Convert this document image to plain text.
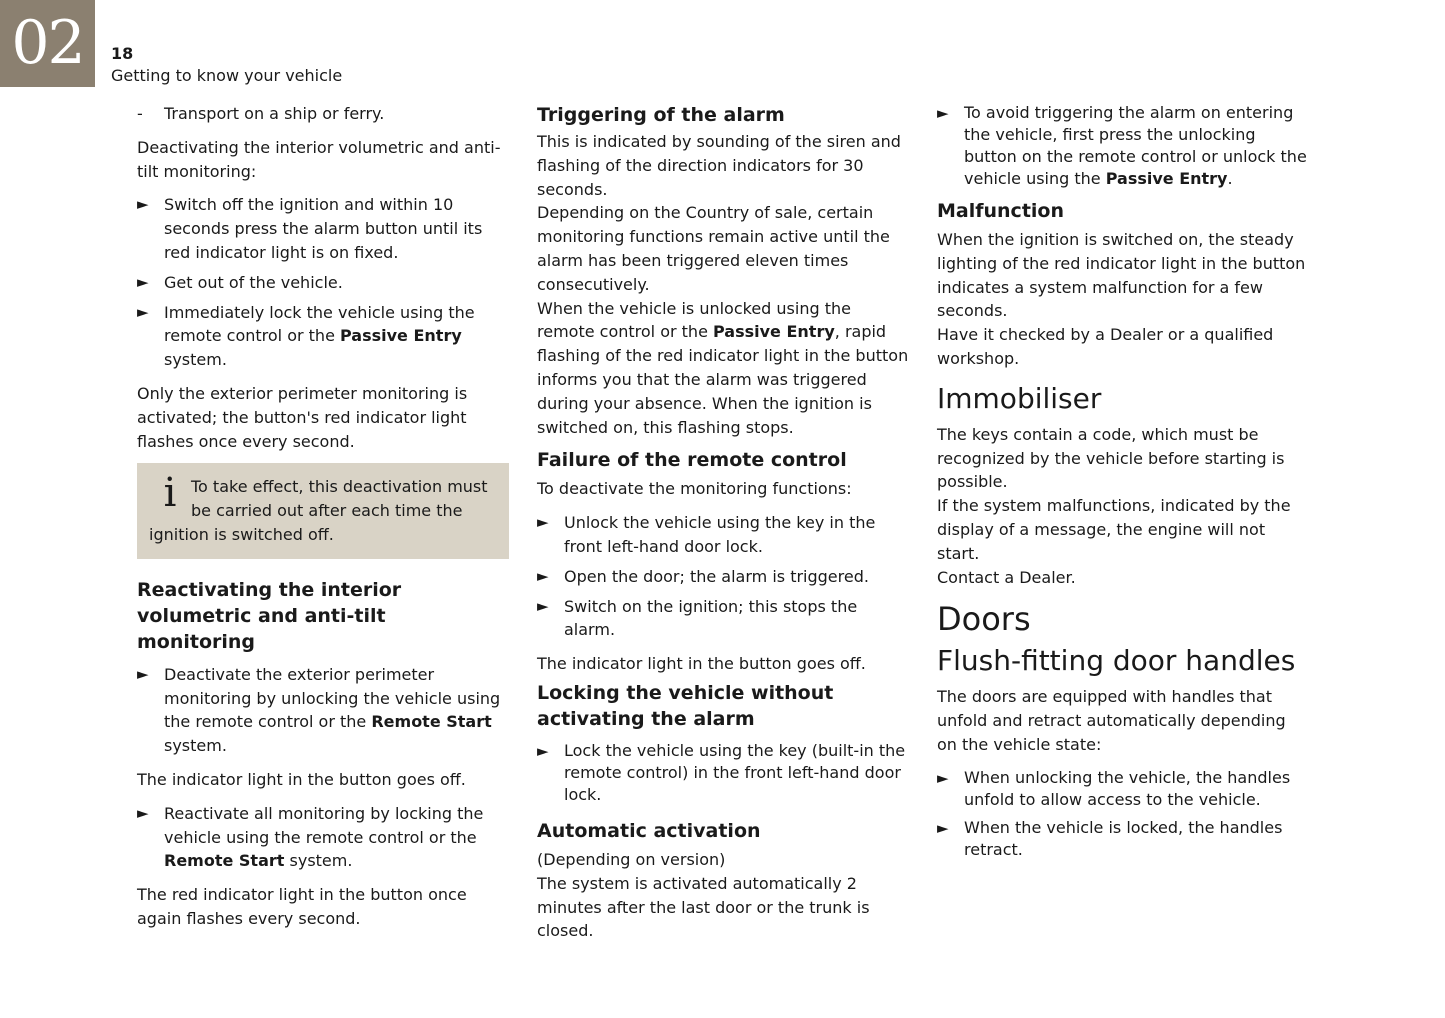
02	18
Getting to know your vehicle
-	Transport on a ship or ferry.

Deactivating the interior volumetric and anti-tilt monitoring:

► Switch off the ignition and within 10 seconds press the alarm button until its red indicator light is on fixed.
► Get out of the vehicle.
► Immediately lock the vehicle using the remote control or the Passive Entry system.

Only the exterior perimeter monitoring is activated; the button's red indicator light flashes once every second.

i To take effect, this deactivation must be carried out after each time the ignition is switched off.
Reactivating the interior volumetric and anti-tilt monitoring
► Deactivate the exterior perimeter monitoring by unlocking the vehicle using the remote control or the Remote Start system.

The indicator light in the button goes off.

► Reactivate all monitoring by locking the vehicle using the remote control or the Remote Start system.

The red indicator light in the button once again flashes every second.

Triggering of the alarm

This is indicated by sounding of the siren and flashing of the direction indicators for 30 seconds.

Depending on the Country of sale, certain monitoring functions remain active until the alarm has been triggered eleven times consecutively.

When the vehicle is unlocked using the remote control or the Passive Entry, rapid flashing of the red indicator light in the button informs you that the alarm was triggered during your absence. When the ignition is switched on, this flashing stops.

Failure of the remote control

To deactivate the monitoring functions:

► Unlock the vehicle using the key in the front left-hand door lock.
► Open the door; the alarm is triggered.
► Switch on the ignition; this stops the alarm.

The indicator light in the button goes off.

Locking the vehicle without activating the alarm
► Lock the vehicle using the key (built-in the remote control) in the front left-hand door lock.
Automatic activation

(Depending on version)

The system is activated automatically 2 minutes after the last door or the trunk is closed.

► To avoid triggering the alarm on entering the vehicle, first press the unlocking button on the remote control or unlock the vehicle using the Passive Entry.
Malfunction

When the ignition is switched on, the steady lighting of the red indicator light in the button indicates a system malfunction for a few seconds.

Have it checked by a Dealer or a qualified workshop.

Immobiliser

The keys contain a code, which must be recognized by the vehicle before starting is possible.

If the system malfunctions, indicated by the display of a message, the engine will not start.

Contact a Dealer.

Doors
Flush-fitting door handles

The doors are equipped with handles that unfold and retract automatically depending on the vehicle state:

► When unlocking the vehicle, the handles unfold to allow access to the vehicle.
► When the vehicle is locked, the handles retract.
